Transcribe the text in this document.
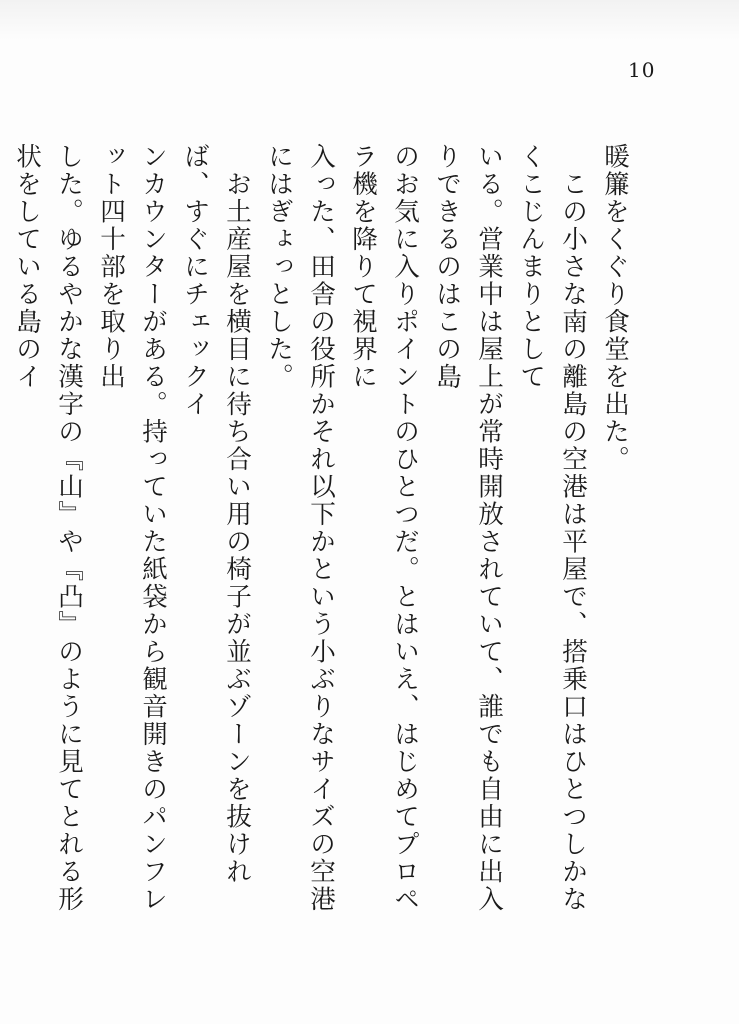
10

暖簾をくぐり食堂を出た。

　この小さな南の離島の空港は平屋で、搭乗口はひとつしかなくこじんまりとして
いる。営業中は屋上が常時開放されていて、誰でも自由に出入りできるのはこの島
のお気に入りポイントのひとつだ。とはいえ、はじめてプロペラ機を降りて視界に
入った、田舎の役所かそれ以下かという小ぶりなサイズの空港にはぎょっとした。

　お土産屋を横目に待ち合い用の椅子が並ぶゾーンを抜ければ、すぐにチェックイ
ンカウンターがある。持っていた紙袋から観音開きのパンフレット四十部を取り出
した。ゆるやかな漢字の『山』や『凸』のように見てとれる形状をしている島のイ
